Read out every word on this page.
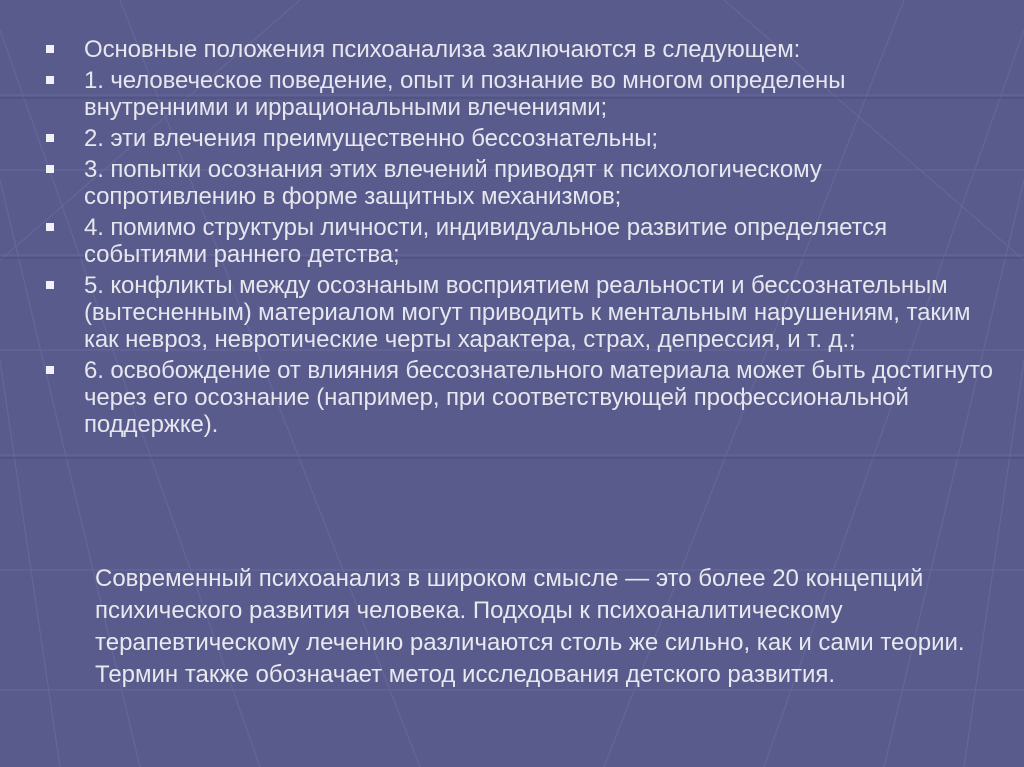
Основные положения психоанализа заключаются в следующем:
1. человеческое поведение, опыт и познание во многом определены внутренними и иррациональными влечениями;
2. эти влечения преимущественно бессознательны;
3. попытки осознания этих влечений приводят к психологическому сопротивлению в форме защитных механизмов;
4. помимо структуры личности, индивидуальное развитие определяется событиями раннего детства;
5. конфликты между осознаным восприятием реальности и бессознательным (вытесненным) материалом могут приводить к ментальным нарушениям, таким как невроз, невротические черты характера, страх, депрессия, и т. д.;
6. освобождение от влияния бессознательного материала может быть достигнуто через его осознание (например, при соответствующей профессиональной поддержке).

Современный психоанализ в широком смысле — это более 20 концепций психического развития человека. Подходы к психоаналитическому терапевтическому лечению различаются столь же сильно, как и сами теории. Термин также обозначает метод исследования детского развития.
